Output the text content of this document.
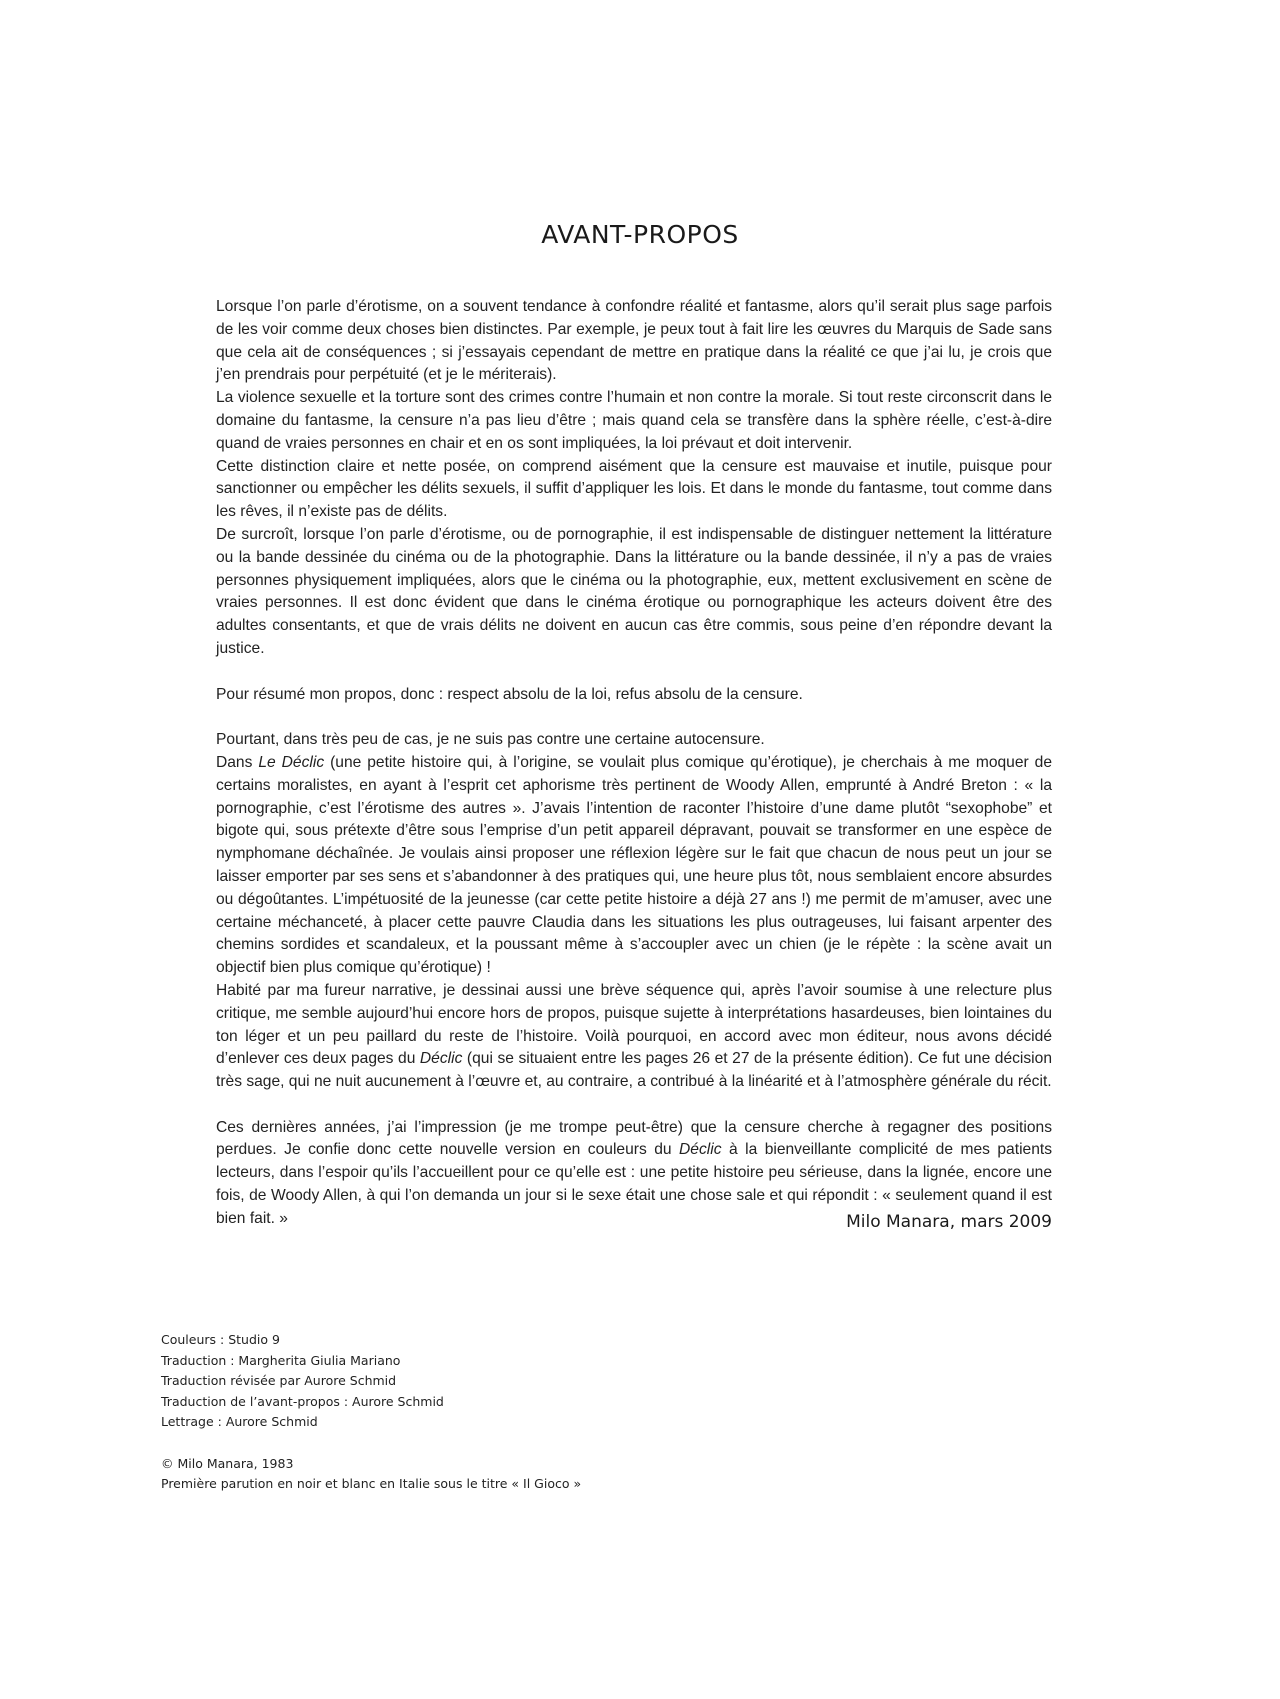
AVANT-PROPOS

Lorsque l’on parle d’érotisme, on a souvent tendance à confondre réalité et fantasme, alors qu’il serait plus sage parfois de les voir comme deux choses bien distinctes. Par exemple, je peux tout à fait lire les œuvres du Marquis de Sade sans que cela ait de conséquences ; si j’essayais cependant de mettre en pratique dans la réalité ce que j’ai lu, je crois que j’en prendrais pour perpétuité (et je le mériterais).

La violence sexuelle et la torture sont des crimes contre l’humain et non contre la morale. Si tout reste circonscrit dans le domaine du fantasme, la censure n’a pas lieu d’être ; mais quand cela se transfère dans la sphère réelle, c’est-à-dire quand de vraies personnes en chair et en os sont impliquées, la loi prévaut et doit intervenir.

Cette distinction claire et nette posée, on comprend aisément que la censure est mauvaise et inutile, puisque pour sanctionner ou empêcher les délits sexuels, il suffit d’appliquer les lois. Et dans le monde du fantasme, tout comme dans les rêves, il n’existe pas de délits.

De surcroît, lorsque l’on parle d’érotisme, ou de pornographie, il est indispensable de distinguer nettement la littérature ou la bande dessinée du cinéma ou de la photographie. Dans la littérature ou la bande dessinée, il n’y a pas de vraies personnes physiquement impliquées, alors que le cinéma ou la photographie, eux, mettent exclusivement en scène de vraies personnes. Il est donc évident que dans le cinéma érotique ou pornographique les acteurs doivent être des adultes consentants, et que de vrais délits ne doivent en aucun cas être commis, sous peine d’en répondre devant la justice.

Pour résumé mon propos, donc : respect absolu de la loi, refus absolu de la censure.

Pourtant, dans très peu de cas, je ne suis pas contre une certaine autocensure.

Dans Le Déclic (une petite histoire qui, à l’origine, se voulait plus comique qu’érotique), je cherchais à me moquer de certains moralistes, en ayant à l’esprit cet aphorisme très pertinent de Woody Allen, emprunté à André Breton : « la pornographie, c’est l’érotisme des autres ». J’avais l’intention de raconter l’histoire d’une dame plutôt “sexophobe” et bigote qui, sous prétexte d’être sous l’emprise d’un petit appareil dépravant, pouvait se transformer en une espèce de nymphomane déchaînée. Je voulais ainsi proposer une réflexion légère sur le fait que chacun de nous peut un jour se laisser emporter par ses sens et s’abandonner à des pratiques qui, une heure plus tôt, nous semblaient encore absurdes ou dégoûtantes. L’impétuosité de la jeunesse (car cette petite histoire a déjà 27 ans !) me permit de m’amuser, avec une certaine méchanceté, à placer cette pauvre Claudia dans les situations les plus outrageuses, lui faisant arpenter des chemins sordides et scandaleux, et la poussant même à s’accoupler avec un chien (je le répète : la scène avait un objectif bien plus comique qu’érotique) !

Habité par ma fureur narrative, je dessinai aussi une brève séquence qui, après l’avoir soumise à une relecture plus critique, me semble aujourd’hui encore hors de propos, puisque sujette à interprétations hasardeuses, bien lointaines du ton léger et un peu paillard du reste de l’histoire. Voilà pourquoi, en accord avec mon éditeur, nous avons décidé d’enlever ces deux pages du Déclic (qui se situaient entre les pages 26 et 27 de la présente édition). Ce fut une décision très sage, qui ne nuit aucunement à l’œuvre et, au contraire, a contribué à la linéarité et à l’atmosphère générale du récit.

Ces dernières années, j’ai l’impression (je me trompe peut-être) que la censure cherche à regagner des positions perdues. Je confie donc cette nouvelle version en couleurs du Déclic à la bienveillante complicité de mes patients lecteurs, dans l’espoir qu’ils l’accueillent pour ce qu’elle est : une petite histoire peu sérieuse, dans la lignée, encore une fois, de Woody Allen, à qui l’on demanda un jour si le sexe était une chose sale et qui répondit : « seulement quand il est bien fait. »	Milo Manara, mars 2009
Couleurs : Studio 9
Traduction : Margherita Giulia Mariano
Traduction révisée par Aurore Schmid
Traduction de l’avant-propos : Aurore Schmid
Lettrage : Aurore Schmid
© Milo Manara, 1983
Première parution en noir et blanc en Italie sous le titre « Il Gioco »
